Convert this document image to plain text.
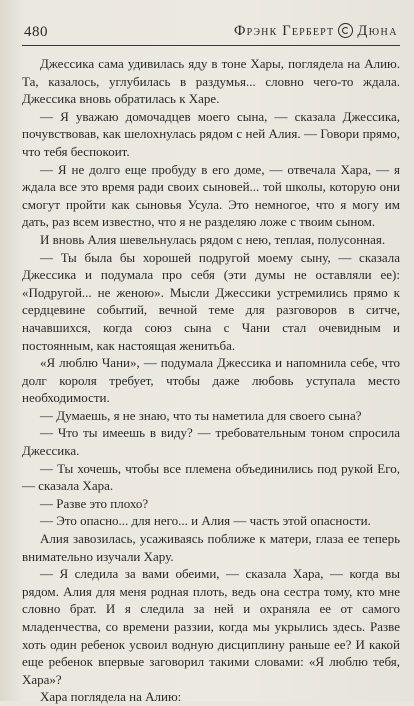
480	Фрэнк Герберт Дюна

Джессика сама удивилась яду в тоне Хары, поглядела на Алию. Та, казалось, углубилась в раздумья... словно чего-то ждала. Джессика вновь обратилась к Харе.

— Я уважаю домочадцев моего сына, — сказала Джессика, почувствовав, как шелохнулась рядом с ней Алия. — Говори прямо, что тебя беспокоит.

— Я не долго еще пробуду в его доме, — отвечала Хара, — я ждала все это время ради своих сыновей... той школы, которую они смогут пройти как сыновья Усула. Это немногое, что я могу им дать, раз всем известно, что я не разделяю ложе с твоим сыном.

И вновь Алия шевельнулась рядом с нею, теплая, полусонная.

— Ты была бы хорошей подругой моему сыну, — сказала Джессика и подумала про себя (эти думы не оставляли ее): «Подругой... не женою». Мысли Джессики устремились прямо к сердцевине событий, вечной теме для разговоров в ситче, начавшихся, когда союз сына с Чани стал очевидным и постоянным, как настоящая женитьба.

«Я люблю Чани», — подумала Джессика и напомнила себе, что долг короля требует, чтобы даже любовь уступала место необходимости.

— Думаешь, я не знаю, что ты наметила для своего сына?

— Что ты имеешь в виду? — требовательным тоном спросила Джессика.

— Ты хочешь, чтобы все племена объединились под рукой Его, — сказала Хара.

— Разве это плохо?

— Это опасно... для него... и Алия — часть этой опасности.

Алия завозилась, усаживаясь поближе к матери, глаза ее теперь внимательно изучали Хару.

— Я следила за вами обеими, — сказала Хара, — когда вы рядом. Алия для меня родная плоть, ведь она сестра тому, кто мне словно брат. И я следила за ней и охраняла ее от самого младенчества, со времени раззии, когда мы укрылись здесь. Разве хоть один ребенок усвоил водную дисциплину раньше ее? И какой еще ребенок впервые заговорил такими словами: «Я люблю тебя, Хара»?

Хара поглядела на Алию:
